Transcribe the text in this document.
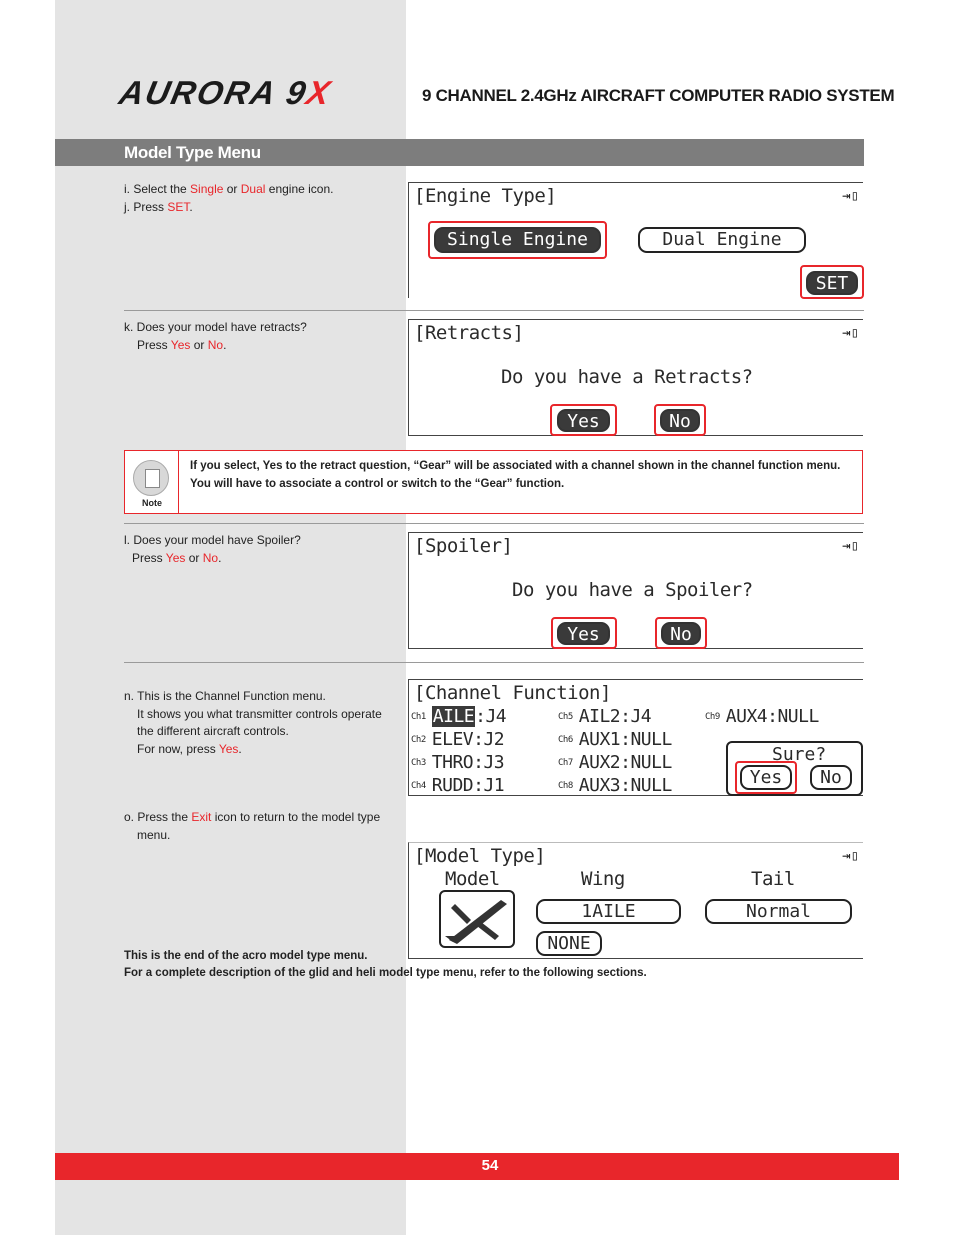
AURORA 9X	9 CHANNEL 2.4GHz AIRCRAFT COMPUTER RADIO SYSTEM
Model Type Menu
i. Select the Single or Dual engine icon.
j. Press SET.	[Engine Type]	⇥▯
Single Engine	Dual Engine
SET
k. Does your model have retracts?
Press Yes or No.
[Retracts]	⇥▯
Do you have a Retracts?
Yes	No
Note
If you select, Yes to the retract question, “Gear” will be associated with a channel shown in the channel function menu. You will have to associate a control or switch to the “Gear” function.
l. Does your model have Spoiler?
Press Yes or No.
[Spoiler]	⇥▯
Do you have a Spoiler?
Yes	No
n. This is the Channel Function menu.
It shows you what transmitter controls operate
the different aircraft controls.
For now, press Yes.
[Channel Function]
Ch1 AILE:J4
Ch2 ELEV:J2
Ch3 THRO:J3
Ch4 RUDD:J1
Ch5 AIL2:J4
Ch6 AUX1:NULL
Ch7 AUX2:NULL
Ch8 AUX3:NULL
Ch9 AUX4:NULL
Sure?
Yes	No
o. Press the Exit icon to return to the model type
menu.
[Model Type]	⇥▯
Model	Wing	Tail
1AILE	Normal
NONE
This is the end of the acro model type menu.
For a complete description of the glid and heli model type menu, refer to the following sections.
54
